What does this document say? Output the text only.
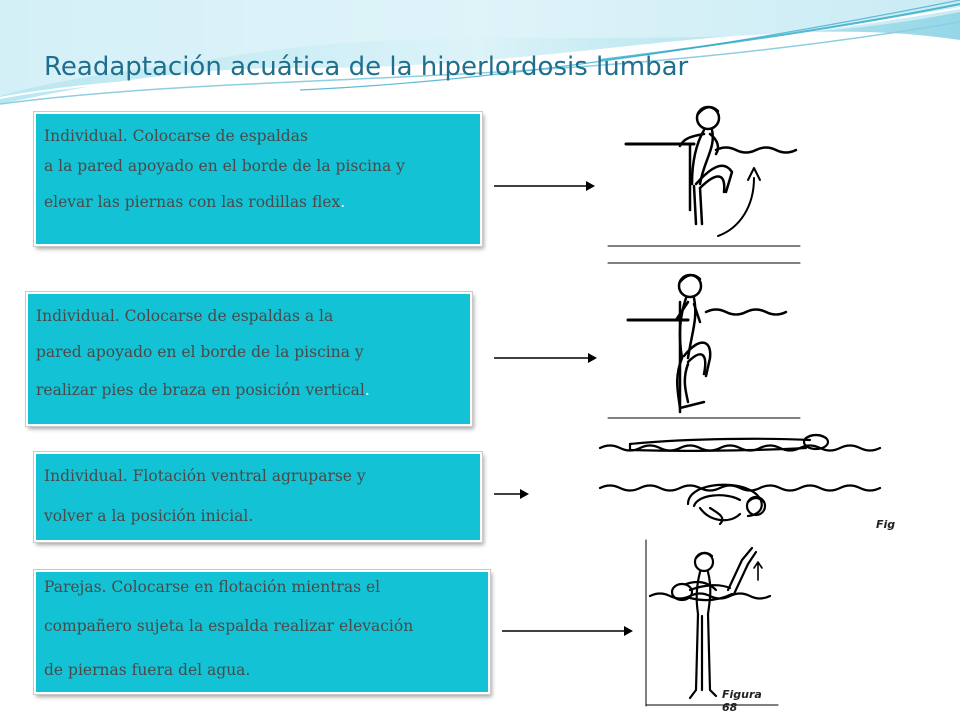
Readaptación acuática de la hiperlordosis lumbar
Individual. Colocarse de espaldas
a la pared apoyado en el borde de la piscina y
elevar las piernas con las rodillas flex.
Individual. Colocarse de espaldas a la
pared apoyado en el borde de la piscina y
realizar pies de braza en posición vertical.
Individual. Flotación ventral agruparse y
volver a la posición inicial.
Parejas. Colocarse en flotación mientras el
compañero sujeta la espalda realizar elevación
de piernas fuera del agua.
Fig
Figura 68
